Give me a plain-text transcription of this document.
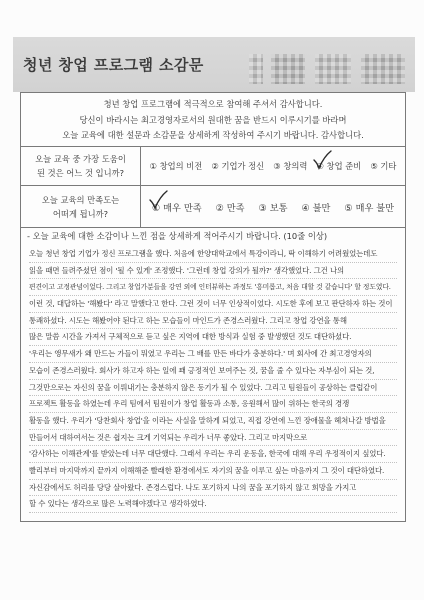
청년 창업 프로그램 소감문

청년 창업 프로그램에 적극적으로 참여해 주셔서 감사합니다.

당신이 바라시는 최고경영자로서의 원대한 꿈을 반드시 이루시기를 바라며

오늘 교육에 대한 설문과 소감문을 상세하게 작성하여 주시기 바랍니다. 감사합니다.

오늘 교육 중 가장 도움이
된 것은 어느 것 입니까?
① 창업의 비전 ② 기업가 정신 ③ 창의력 ④ 창업 준비 ⑤ 기타
오늘 교육의 만족도는
어떠게 됩니까?	① 매우 만족 ② 만족 ③ 보통 ④ 불만 ⑤ 매우 불만
- 오늘 교육에 대한 소감이나 느낀 점을 상세하게 적어주시기 바랍니다. (10줄 이상)
오늘 청년 창업 기업가 정신 프로그램을 했다. 처음에 한양대학교에서 특강이라니, 딱 이해하기 어려웠었는데도
읽을 때면 들려주셨던 점이 '될 수 있게' 조정했다. '그런데 창업 강의가 될까?' 생각했었다. 그건 나의
편견이고 고정관념이었다. 그리고 창업가분들을 강연 외에 인터뷰하는 과정도 '흥미롭고, 처음 대할 것 같습니다' 할 정도였다.
이런 것, 대답하는 '해봤다' 라고 말했다고 한다. 그런 것이 너무 인상적이었다. 시도한 후에 보고 판단하자 하는 것이
통쾌하셨다. 시도는 해봤어야 된다고 하는 모습들이 마인드가 존경스러웠다. 그리고 창업 강연을 통해
많은 말씀 시간을 가져서 구체적으로 듣고 싶은 지역에 대한 방식과 실험 중 발생했던 것도 대단하셨다.
'우리는 앵무새가 왜 만드는 가들이 뭐였고 우리는 그 배를 만든 바다가 충분하다.' 며 회사에 간 최고경영자의
모습이 존경스러웠다. 회사가 하고자 하는 일에 꽤 긍정적인 보여주는 것, 꿈을 줄 수 있다는 자부심이 되는 것,
그것만으로는 자신의 꿈을 이뤄내기는 충분하지 않은 동기가 될 수 있었다. 그리고 팀원들이 공상하는 클럽같이
프로젝트 활동을 하였는데 우리 팀에서 팀원이가 창업 활동과 소통, 응원해서 많이 위하는 한국의 경쟁
활동을 했다. 우리가 '당찬회사 창업'을 이라는 사실을 말하게 되었고, 직접 강연에 느낀 장애물을 헤쳐나갈 방법을
만들어서 대하여서는 것은 쉽지는 크게 기억되는 우리가 너무 좋았다. 그리고 마지막으로
'감사하는 이해관계'를 받았는데 너무 대단했다. 그래서 우리는 우리 운동을, 한국에 대해 우리 우정적이지 싶었다.
빨리부터 마지막까지 끝까지 이해해준 빨래한 환경에서도 자기의 꿈을 이루고 싶는 마음까지 그 것이 대단하였다.
자신감에서도 허리를 당당 살아왔다. 존경스럽다. 나도 포기하지 나의 꿈을 포기하지 않고 희망을 가지고
할 수 있다는 생각으로 많은 노력해야겠다고 생각하였다.
